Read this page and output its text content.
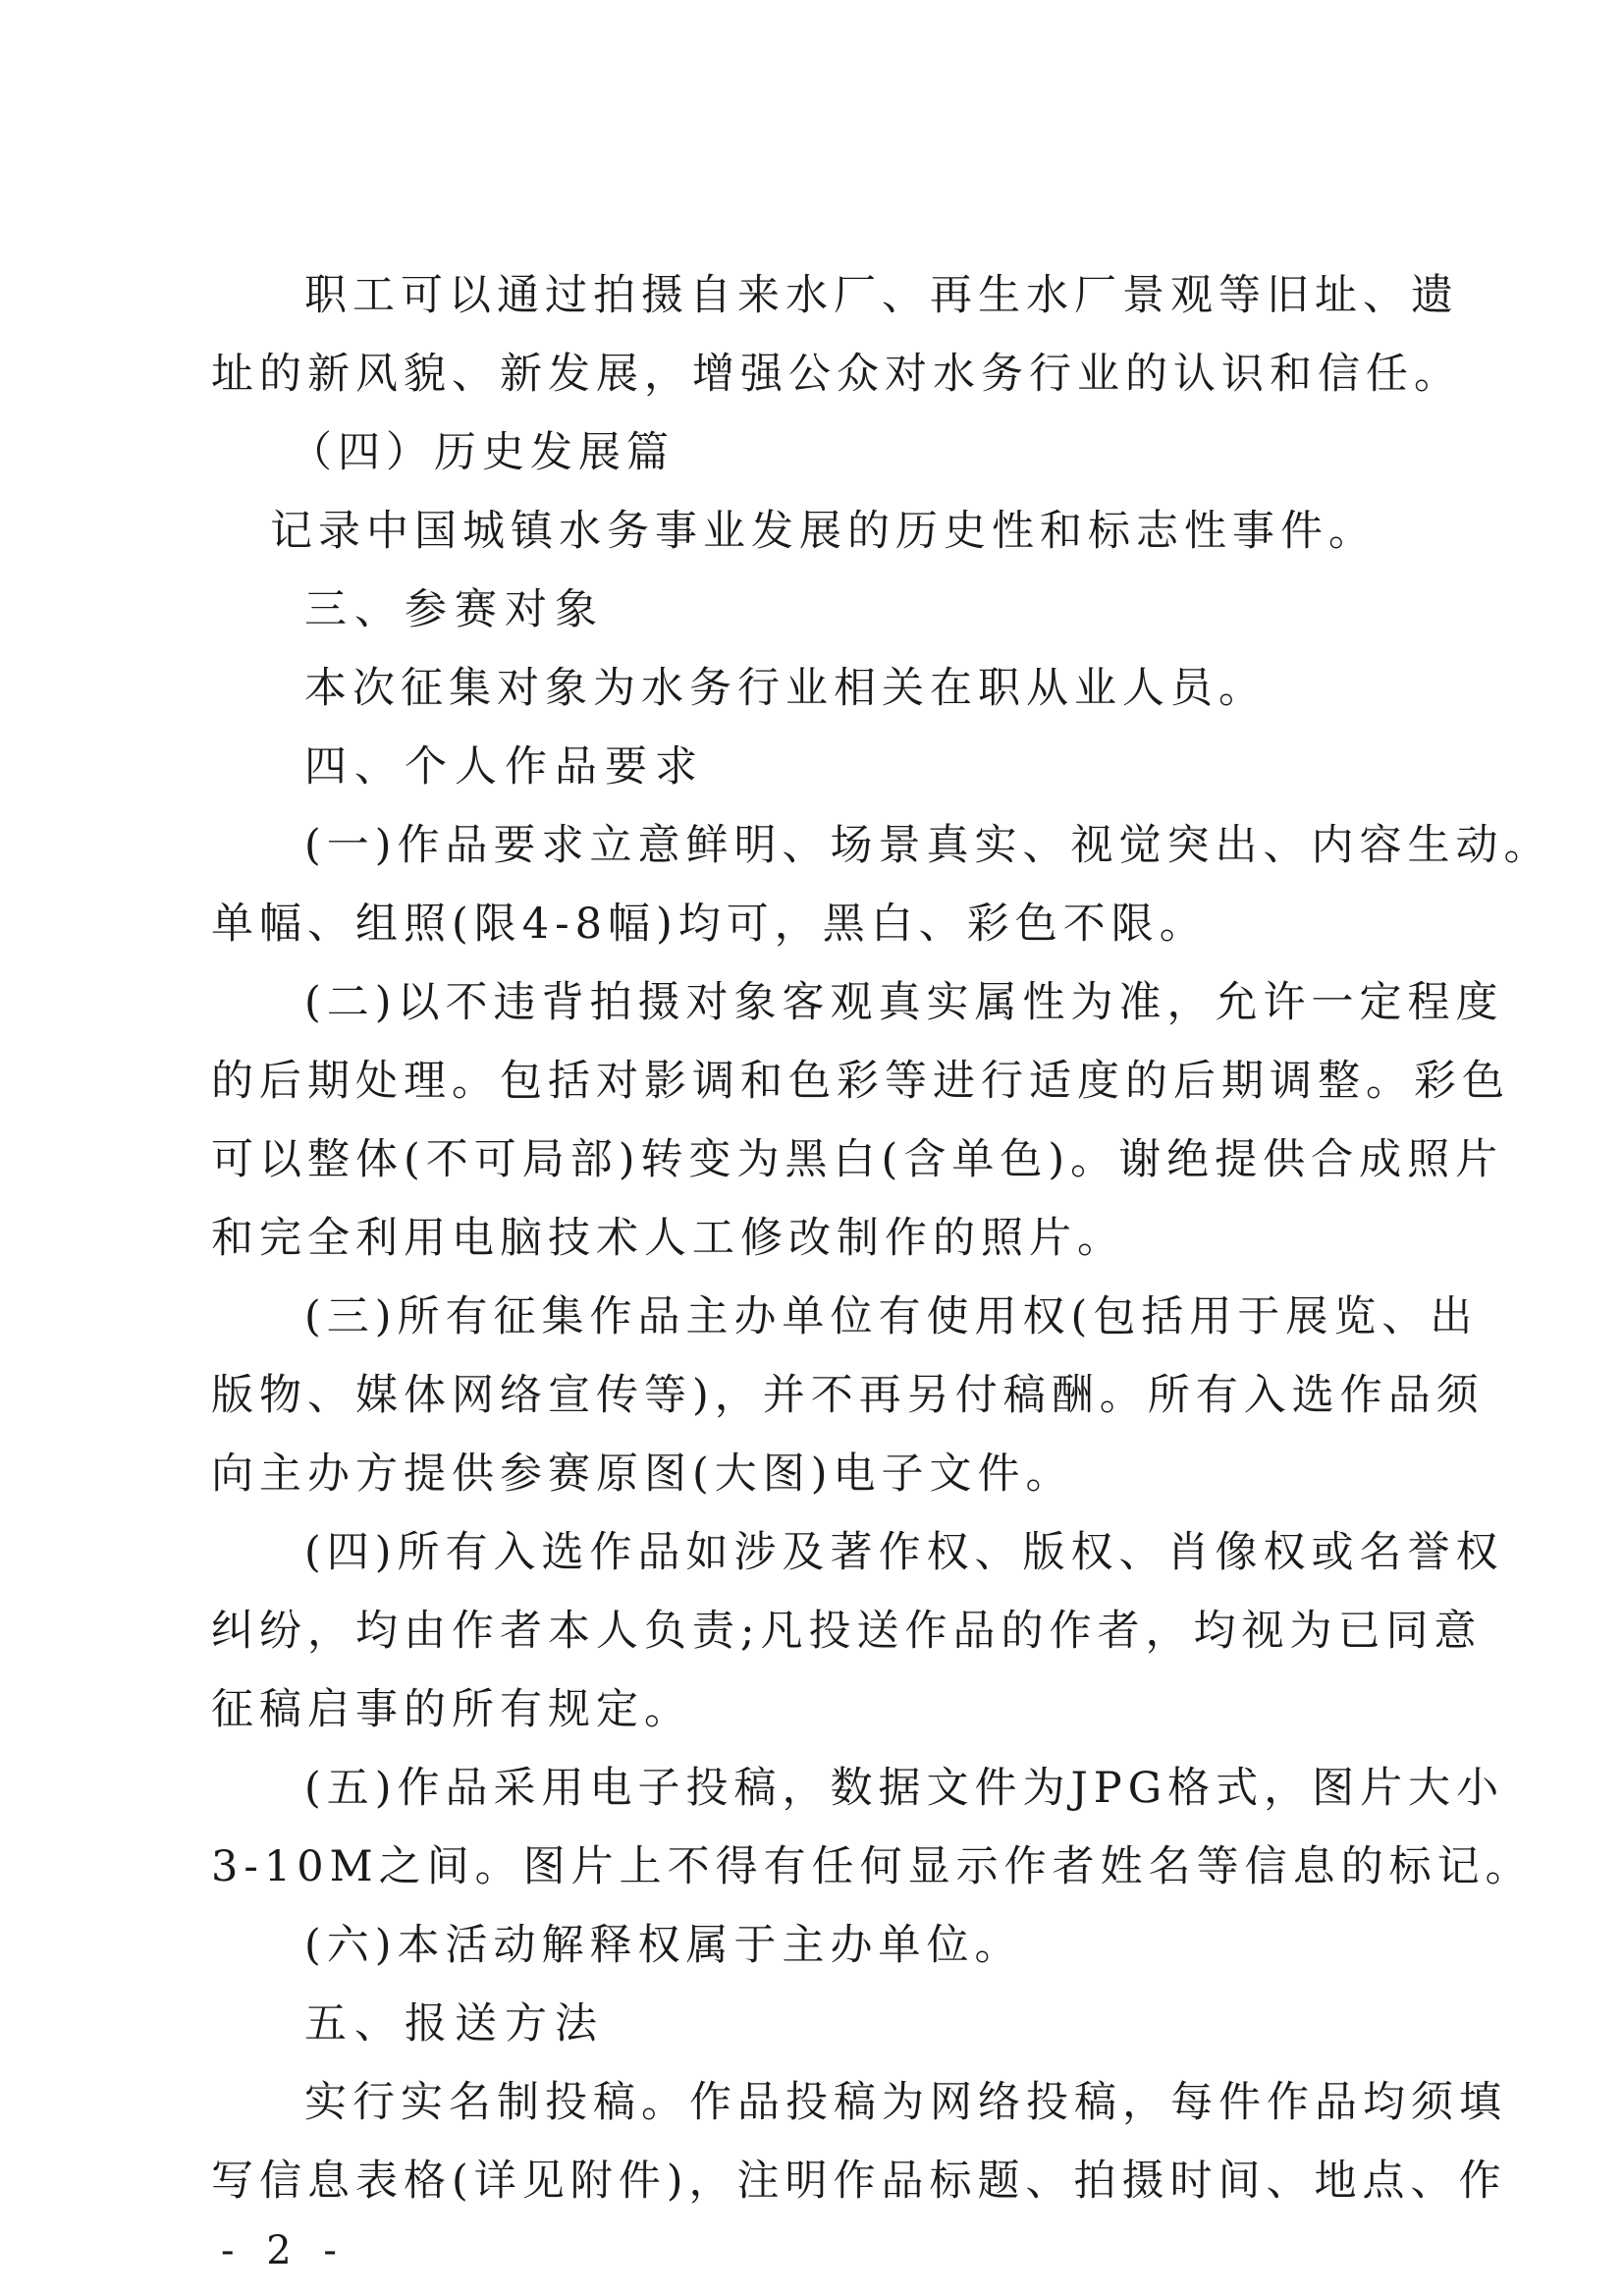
职工可以通过拍摄自来水厂、再生水厂景观等旧址、遗
址的新风貌、新发展，增强公众对水务行业的认识和信任。
（四）历史发展篇
记录中国城镇水务事业发展的历史性和标志性事件。
三、参赛对象
本次征集对象为水务行业相关在职从业人员。
四、个人作品要求
(一)作品要求立意鲜明、场景真实、视觉突出、内容生动。
单幅、组照(限4-8幅)均可，黑白、彩色不限。
(二)以不违背拍摄对象客观真实属性为准，允许一定程度
的后期处理。包括对影调和色彩等进行适度的后期调整。彩色
可以整体(不可局部)转变为黑白(含单色)。谢绝提供合成照片
和完全利用电脑技术人工修改制作的照片。
(三)所有征集作品主办单位有使用权(包括用于展览、出
版物、媒体网络宣传等)，并不再另付稿酬。所有入选作品须
向主办方提供参赛原图(大图)电子文件。
(四)所有入选作品如涉及著作权、版权、肖像权或名誉权
纠纷，均由作者本人负责;凡投送作品的作者，均视为已同意
征稿启事的所有规定。
(五)作品采用电子投稿，数据文件为JPG格式，图片大小
3-10M之间。图片上不得有任何显示作者姓名等信息的标记。
(六)本活动解释权属于主办单位。
五、报送方法
实行实名制投稿。作品投稿为网络投稿，每件作品均须填
写信息表格(详见附件)，注明作品标题、拍摄时间、地点、作
- 2 -
